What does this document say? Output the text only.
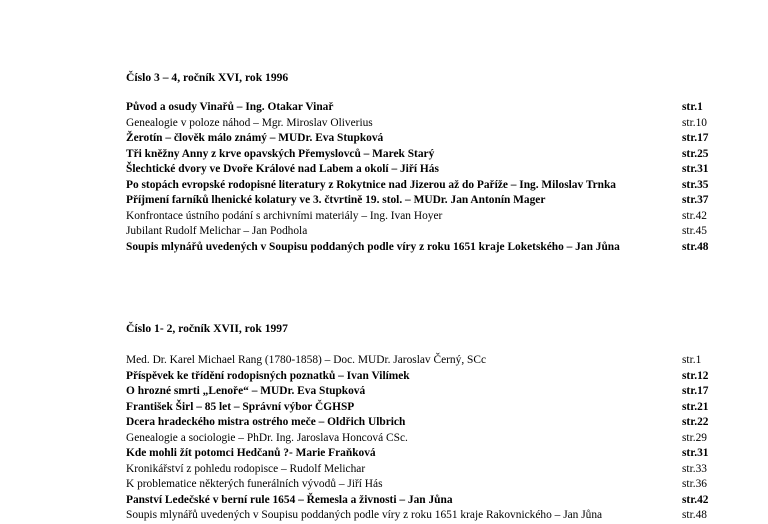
Číslo 3 – 4, ročník XVI, rok 1996
Původ a osudy Vinařů – Ing. Otakar Vinař	str.1
Genealogie v poloze náhod – Mgr. Miroslav Oliverius	str.10
Žerotín – člověk málo známý – MUDr. Eva Stupková	str.17
Tři kněžny Anny z krve opavských Přemyslovců – Marek Starý	str.25
Šlechtické dvory ve Dvoře Králové nad Labem a okolí – Jiří Hás	str.31
Po stopách evropské rodopisné literatury z Rokytnice nad Jizerou až do Paříže – Ing. Miloslav Trnka	str.35
Příjmení farníků lhenické kolatury ve 3. čtvrtině 19. stol. – MUDr. Jan Antonín Mager	str.37
Konfrontace ústního podání s archivními materiály – Ing. Ivan Hoyer	str.42
Jubilant Rudolf Melichar – Jan Podhola	str.45
Soupis mlynářů uvedených v Soupisu poddaných podle víry z roku 1651 kraje Loketského – Jan Jůna	str.48
Číslo 1- 2, ročník XVII, rok 1997
Med. Dr. Karel Michael Rang (1780-1858) – Doc. MUDr. Jaroslav Černý, SCc	str.1
Příspěvek ke třídění rodopisných poznatků – Ivan Vilímek	str.12
O hrozné smrti „Lenoře“ – MUDr. Eva Stupková	str.17
František Širl – 85 let – Správní výbor ČGHSP	str.21
Dcera hradeckého mistra ostrého meče – Oldřich Ulbrich	str.22
Genealogie a sociologie – PhDr. Ing. Jaroslava Honcová CSc.	str.29
Kde mohli žít potomci Hedčanů ?- Marie Fraňková	str.31
Kronikářství z pohledu rodopisce – Rudolf Melichar	str.33
K problematice některých funerálních vývodů – Jiří Hás	str.36
Panství Ledečské v berní rule 1654 – Řemesla a živnosti – Jan Jůna	str.42
Soupis mlynářů uvedených v Soupisu poddaných podle víry z roku 1651 kraje Rakovnického – Jan Jůna	str.48
